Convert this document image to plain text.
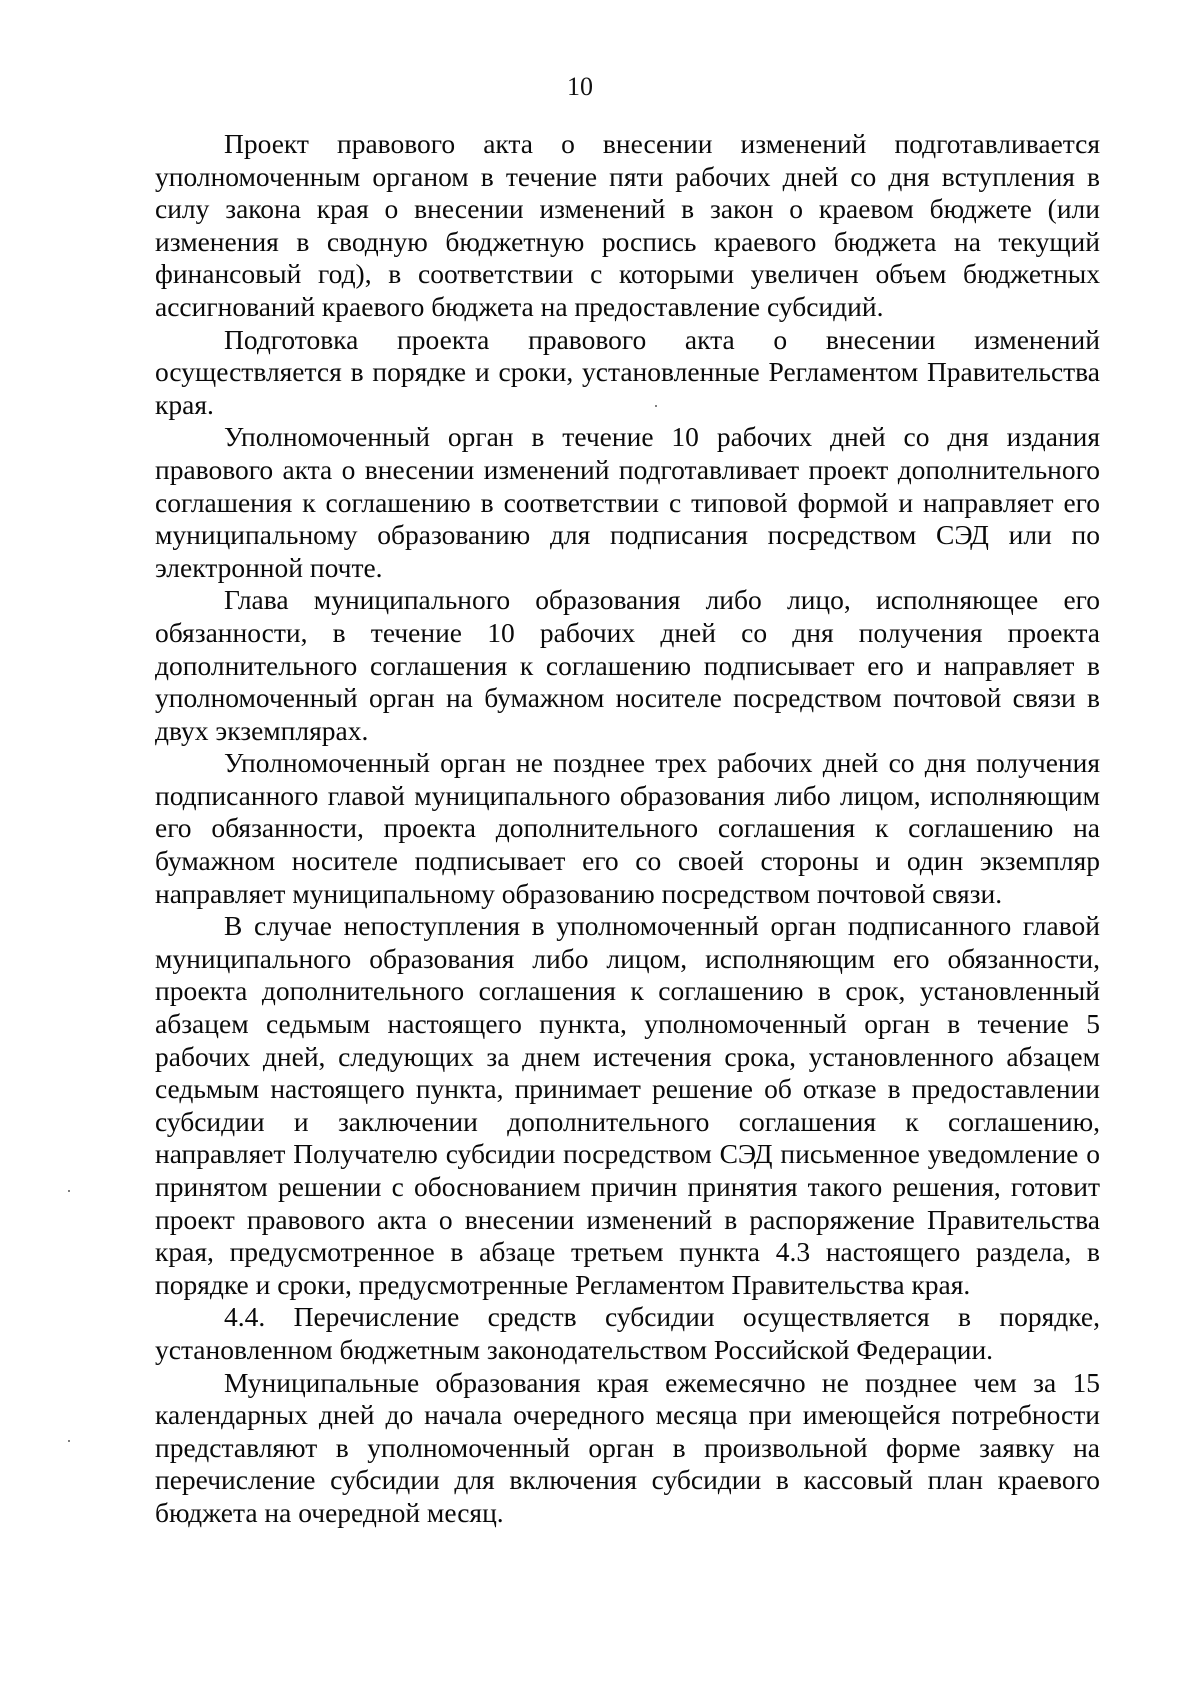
10

Проект правового акта о внесении изменений подготавливается уполномоченным органом в течение пяти рабочих дней со дня вступления в силу закона края о внесении изменений в закон о краевом бюджете (или изменения в сводную бюджетную роспись краевого бюджета на текущий финансовый год), в соответствии с которыми увеличен объем бюджетных ассигнований краевого бюджета на предоставление субсидий.

Подготовка проекта правового акта о внесении изменений осуществляется в порядке и сроки, установленные Регламентом Правительства края.

Уполномоченный орган в течение 10 рабочих дней со дня издания правового акта о внесении изменений подготавливает проект дополнительного соглашения к соглашению в соответствии с типовой формой и направляет его муниципальному образованию для подписания посредством СЭД или по электронной почте.

Глава муниципального образования либо лицо, исполняющее его обязанности, в течение 10 рабочих дней со дня получения проекта дополнительного соглашения к соглашению подписывает его и направляет в уполномоченный орган на бумажном носителе посредством почтовой связи в двух экземплярах.

Уполномоченный орган не позднее трех рабочих дней со дня получения подписанного главой муниципального образования либо лицом, исполняющим его обязанности, проекта дополнительного соглашения к соглашению на бумажном носителе подписывает его со своей стороны и один экземпляр направляет муниципальному образованию посредством почтовой связи.

В случае непоступления в уполномоченный орган подписанного главой муниципального образования либо лицом, исполняющим его обязанности, проекта дополнительного соглашения к соглашению в срок, установленный абзацем седьмым настоящего пункта, уполномоченный орган в течение 5 рабочих дней, следующих за днем истечения срока, установленного абзацем седьмым настоящего пункта, принимает решение об отказе в предоставлении субсидии и заключении дополнительного соглашения к соглашению, направляет Получателю субсидии посредством СЭД письменное уведомление о принятом решении с обоснованием причин принятия такого решения, готовит проект правового акта о внесении изменений в распоряжение Правительства края, предусмотренное в абзаце третьем пункта 4.3 настоящего раздела, в порядке и сроки, предусмотренные Регламентом Правительства края.

4.4. Перечисление средств субсидии осуществляется в порядке, установленном бюджетным законодательством Российской Федерации.

Муниципальные образования края ежемесячно не позднее чем за 15 календарных дней до начала очередного месяца при имеющейся потребности представляют в уполномоченный орган в произвольной форме заявку на перечисление субсидии для включения субсидии в кассовый план краевого бюджета на очередной месяц.
